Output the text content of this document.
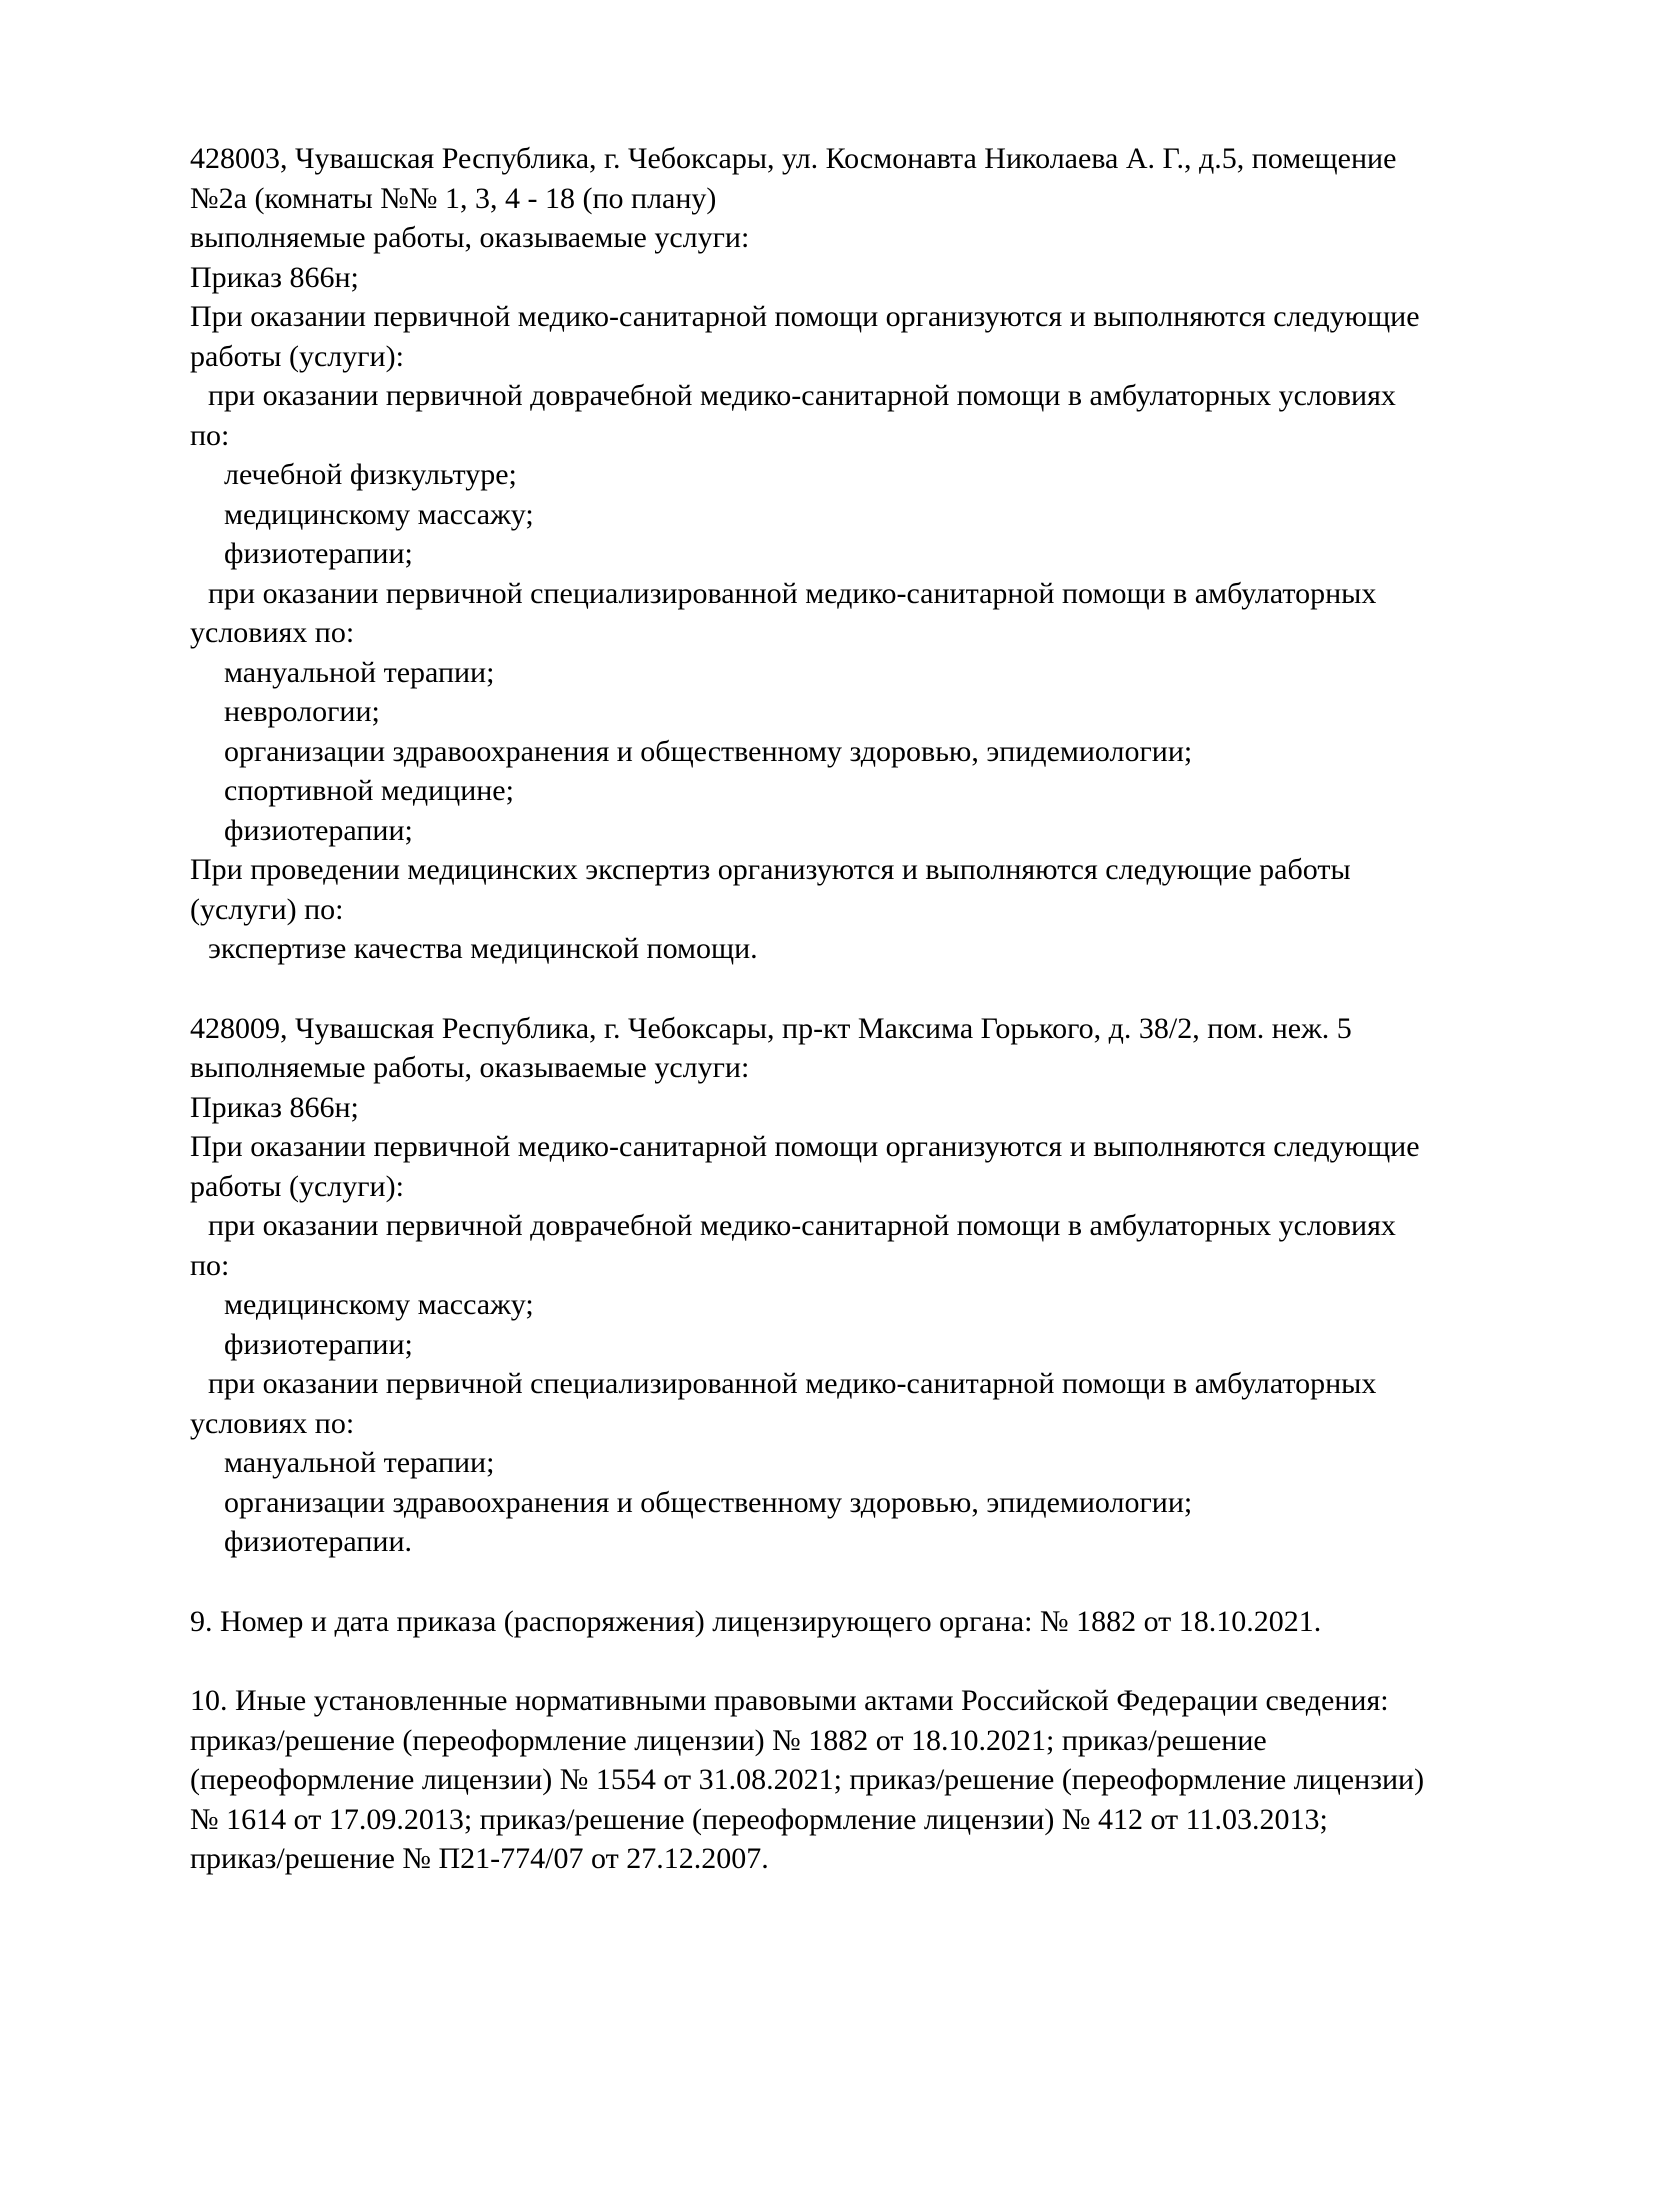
428003, Чувашская Республика, г. Чебоксары, ул. Космонавта Николаева А. Г., д.5, помещение
№2а (комнаты №№ 1, 3, 4 - 18 (по плану)
выполняемые работы, оказываемые услуги:
Приказ 866н;
При оказании первичной медико-санитарной помощи организуются и выполняются следующие
работы (услуги):
при оказании первичной доврачебной медико-санитарной помощи в амбулаторных условиях
по:
лечебной физкультуре;
медицинскому массажу;
физиотерапии;
при оказании первичной специализированной медико-санитарной помощи в амбулаторных
условиях по:
мануальной терапии;
неврологии;
организации здравоохранения и общественному здоровью, эпидемиологии;
спортивной медицине;
физиотерапии;
При проведении медицинских экспертиз организуются и выполняются следующие работы
(услуги) по:
экспертизе качества медицинской помощи.
428009, Чувашская Республика, г. Чебоксары, пр-кт Максима Горького, д. 38/2, пом. неж. 5
выполняемые работы, оказываемые услуги:
Приказ 866н;
При оказании первичной медико-санитарной помощи организуются и выполняются следующие
работы (услуги):
при оказании первичной доврачебной медико-санитарной помощи в амбулаторных условиях
по:
медицинскому массажу;
физиотерапии;
при оказании первичной специализированной медико-санитарной помощи в амбулаторных
условиях по:
мануальной терапии;
организации здравоохранения и общественному здоровью, эпидемиологии;
физиотерапии.
9. Номер и дата приказа (распоряжения) лицензирующего органа: № 1882 от 18.10.2021.
10. Иные установленные нормативными правовыми актами Российской Федерации сведения:
приказ/решение (переоформление лицензии) № 1882 от 18.10.2021; приказ/решение
(переоформление лицензии) № 1554 от 31.08.2021; приказ/решение (переоформление лицензии)
№ 1614 от 17.09.2013; приказ/решение (переоформление лицензии) № 412 от 11.03.2013;
приказ/решение № П21-774/07 от 27.12.2007.
